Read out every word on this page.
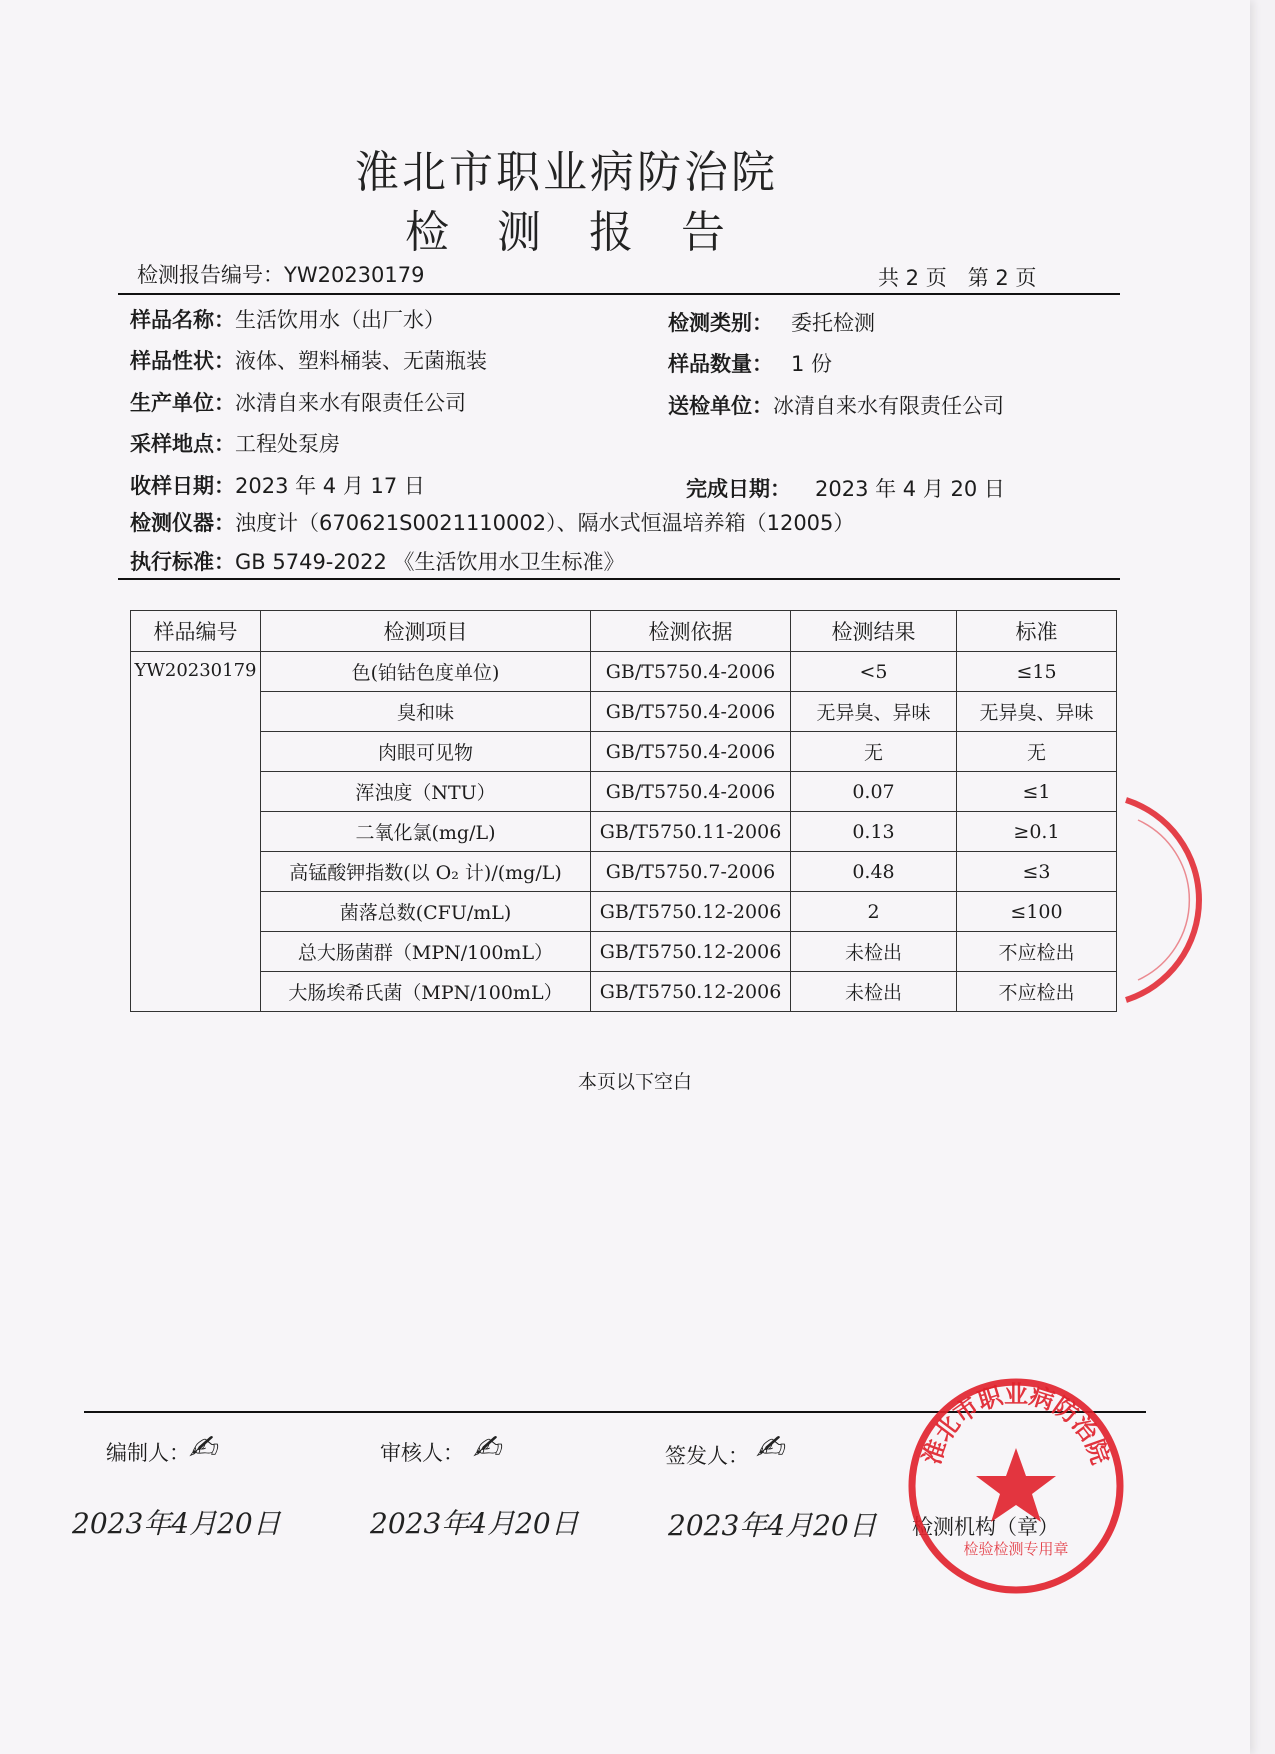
淮北市职业病防治院
检测报告
检测报告编号：YW20230179	共 2 页　第 2 页
样品名称：生活饮用水（出厂水）	检测类别： 委托检测
样品性状：液体、塑料桶装、无菌瓶装	样品数量： 1 份
生产单位：冰清自来水有限责任公司	送检单位：冰清自来水有限责任公司
采样地点：工程处泵房
收样日期：2023 年 4 月 17 日	完成日期： 2023 年 4 月 20 日
检测仪器：浊度计（670621S0021110002）、隔水式恒温培养箱（12005）
执行标准：GB 5749-2022 《生活饮用水卫生标准》
样品编号	检测项目	检测依据	检测结果	标准
YW20230179	色(铂钴色度单位)	GB/T5750.4-2006	<5	≤15
	臭和味	GB/T5750.4-2006	无异臭、异味	无异臭、异味
	肉眼可见物	GB/T5750.4-2006	无	无
	浑浊度（NTU）	GB/T5750.4-2006	0.07	≤1
	二氧化氯(mg/L)	GB/T5750.11-2006	0.13	≥0.1
	高锰酸钾指数(以 O₂ 计)/(mg/L)	GB/T5750.7-2006	0.48	≤3
	菌落总数(CFU/mL)	GB/T5750.12-2006	2	≤100
	总大肠菌群（MPN/100mL）	GB/T5750.12-2006	未检出	不应检出
	大肠埃希氏菌（MPN/100mL）	GB/T5750.12-2006	未检出	不应检出
本页以下空白
编制人：
✍︎
2023年4月20日
审核人： ✍︎
2023年4月20日
签发人： ✍︎
2023年4月20日 检测机构（章）
淮北市职业病防治院
检验检测专用章
